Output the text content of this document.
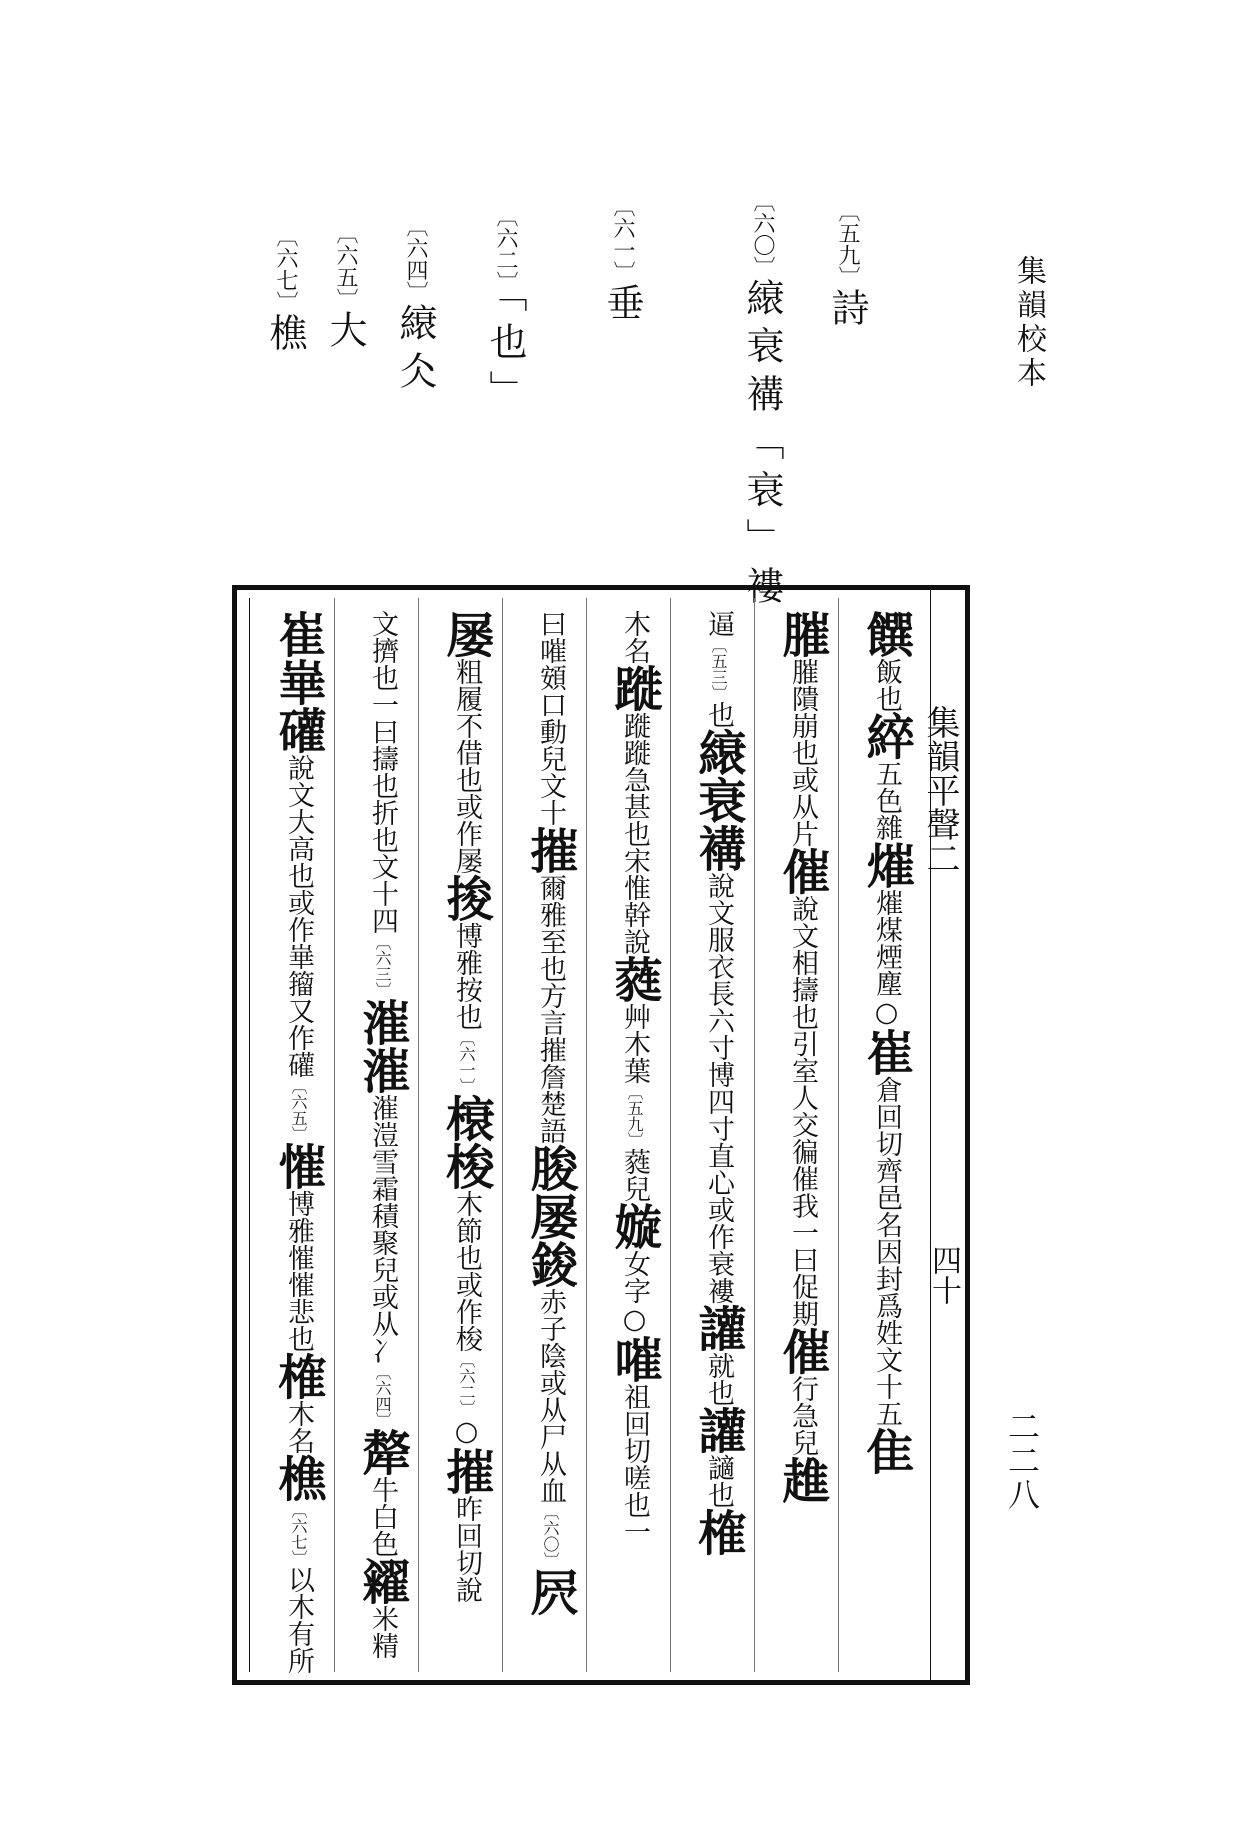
集韻校本
二二八
〔五九〕詩
〔六〇〕縗衰褠「衰」褸
〔六一〕垂
〔六二〕「也」
〔六四〕縗仌
〔六五〕大
〔六七〕樵
集韻平聲二
四十
饌飯也綷五色雜熣熣煤煙塵○崔倉回切齊邑名因封爲姓文十五隹
膗膗隤崩也或从片催說文相擣也引室人交徧催我一曰促期催行急兒趡
逼〔五三〕也縗衰褠說文服衣長六寸博四寸直心或作衰褸讙就也讙讁也榷
木名蹝蹝蹝急甚也宋惟幹說蕤艸木葉〔五九〕蕤兒嫙女字○嗺祖回切嗟也一
曰嗺頞口動兒文十摧爾雅至也方言摧詹楚語朘屡鋑赤子陰或从尸从血〔六〇〕屄
屡粗履不借也或作屡捘博雅按也〔六一〕榱梭木節也或作梭〔六二〕○摧昨回切說
文擠也一曰擣也折也文十四〔六三〕漼漼漼溰雪霜積聚兒或从冫〔六四〕犛牛白色糴米精
崔崋礶說文大高也或作崋籀又作礶〔六五〕慛博雅慛慛悲也榷木名樵〔六七〕以木有所
